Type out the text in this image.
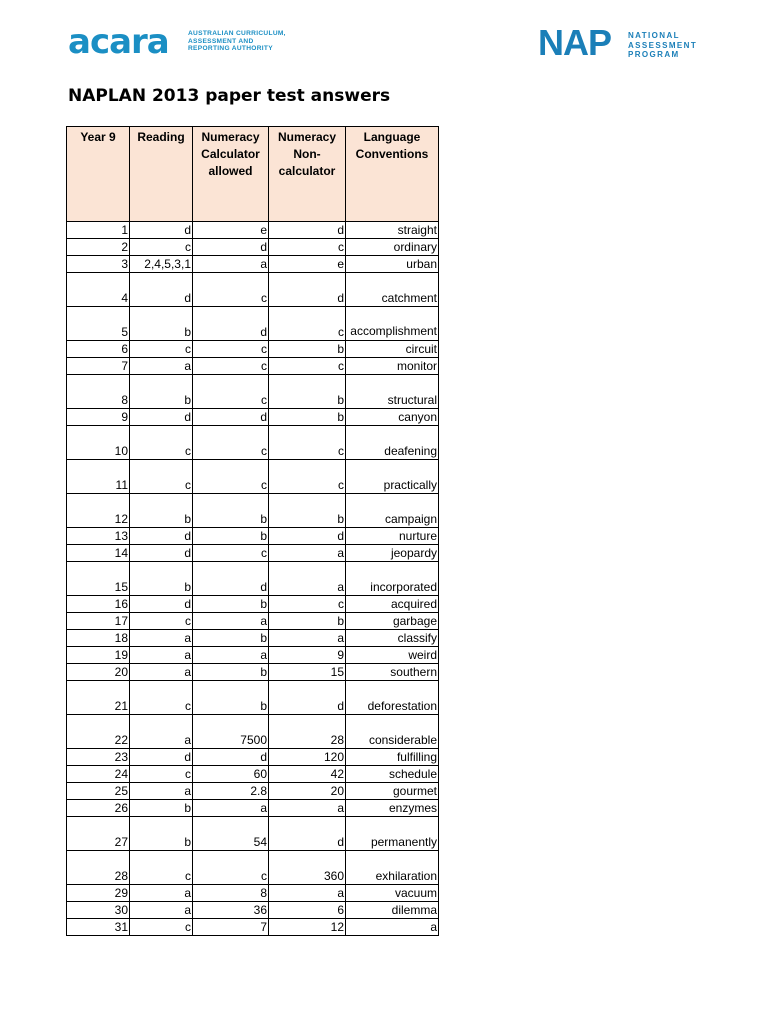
acara	AUSTRALIAN CURRICULUM,
ASSESSMENT AND
REPORTING AUTHORITY	NAP NATIONAL
ASSESSMENT
PROGRAM
NAPLAN 2013 paper test answers
Year 9	Reading	Numeracy Calculator allowed	Numeracy Non-calculator	Language Conventions
1	d	e	d	straight
2	c	d	c	ordinary
3	2,4,5,3,1	a	e	urban
4	d	c	d	catchment
5	b	d	c	accomplishment
6	c	c	b	circuit
7	a	c	c	monitor
8	b	c	b	structural
9	d	d	b	canyon
10	c	c	c	deafening
11	c	c	c	practically
12	b	b	b	campaign
13	d	b	d	nurture
14	d	c	a	jeopardy
15	b	d	a	incorporated
16	d	b	c	acquired
17	c	a	b	garbage
18	a	b	a	classify
19	a	a	9	weird
20	a	b	15	southern
21	c	b	d	deforestation
22	a	7500	28	considerable
23	d	d	120	fulfilling
24	c	60	42	schedule
25	a	2.8	20	gourmet
26	b	a	a	enzymes
27	b	54	d	permanently
28	c	c	360	exhilaration
29	a	8	a	vacuum
30	a	36	6	dilemma
31	c	7	12	a
